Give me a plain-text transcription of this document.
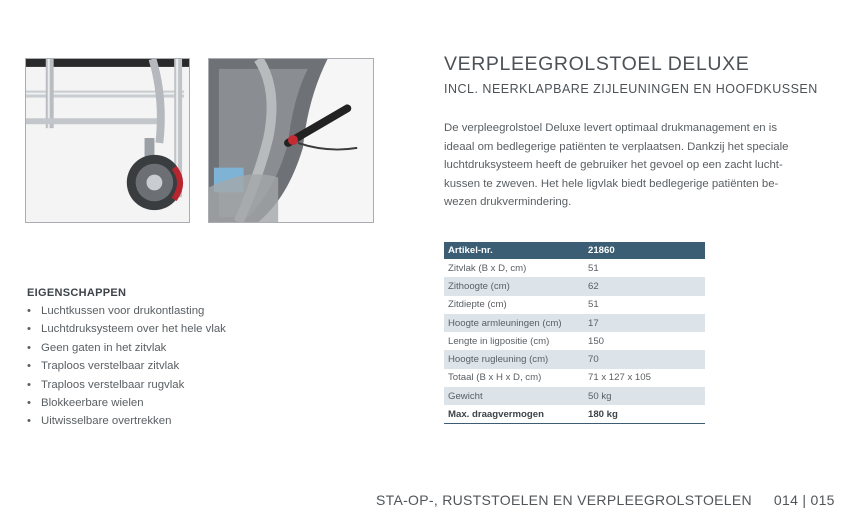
VERPLEEGROLSTOEL DELUXE
INCL. NEERKLAPBARE ZIJLEUNINGEN EN HOOFDKUSSEN
De verpleegrolstoel Deluxe levert optimaal drukmanagement en is
ideaal om bedlegerige patiënten te verplaatsen. Dankzij het speciale
luchtdruksysteem heeft de gebruiker het gevoel op een zacht lucht-
kussen te zweven. Het hele ligvlak biedt bedlegerige patiënten be-
wezen drukvermindering.
Artikel-nr.	21860
Zitvlak (B x D, cm)	51
Zithoogte (cm)	62
Zitdiepte (cm)	51
Hoogte armleuningen (cm)	17
Lengte in ligpositie (cm)	150
Hoogte rugleuning (cm)	70
Totaal (B x H x D, cm)	71 x 127 x 105
Gewicht	50 kg
Max. draagvermogen	180 kg
EIGENSCHAPPEN
• Luchtkussen voor drukontlasting
• Luchtdruksysteem over het hele vlak
• Geen gaten in het zitvlak
• Traploos verstelbaar zitvlak
• Traploos verstelbaar rugvlak
• Blokkeerbare wielen
• Uitwisselbare overtrekken
STA-OP-, RUSTSTOELEN EN VERPLEEGROLSTOELEN 014 | 015
